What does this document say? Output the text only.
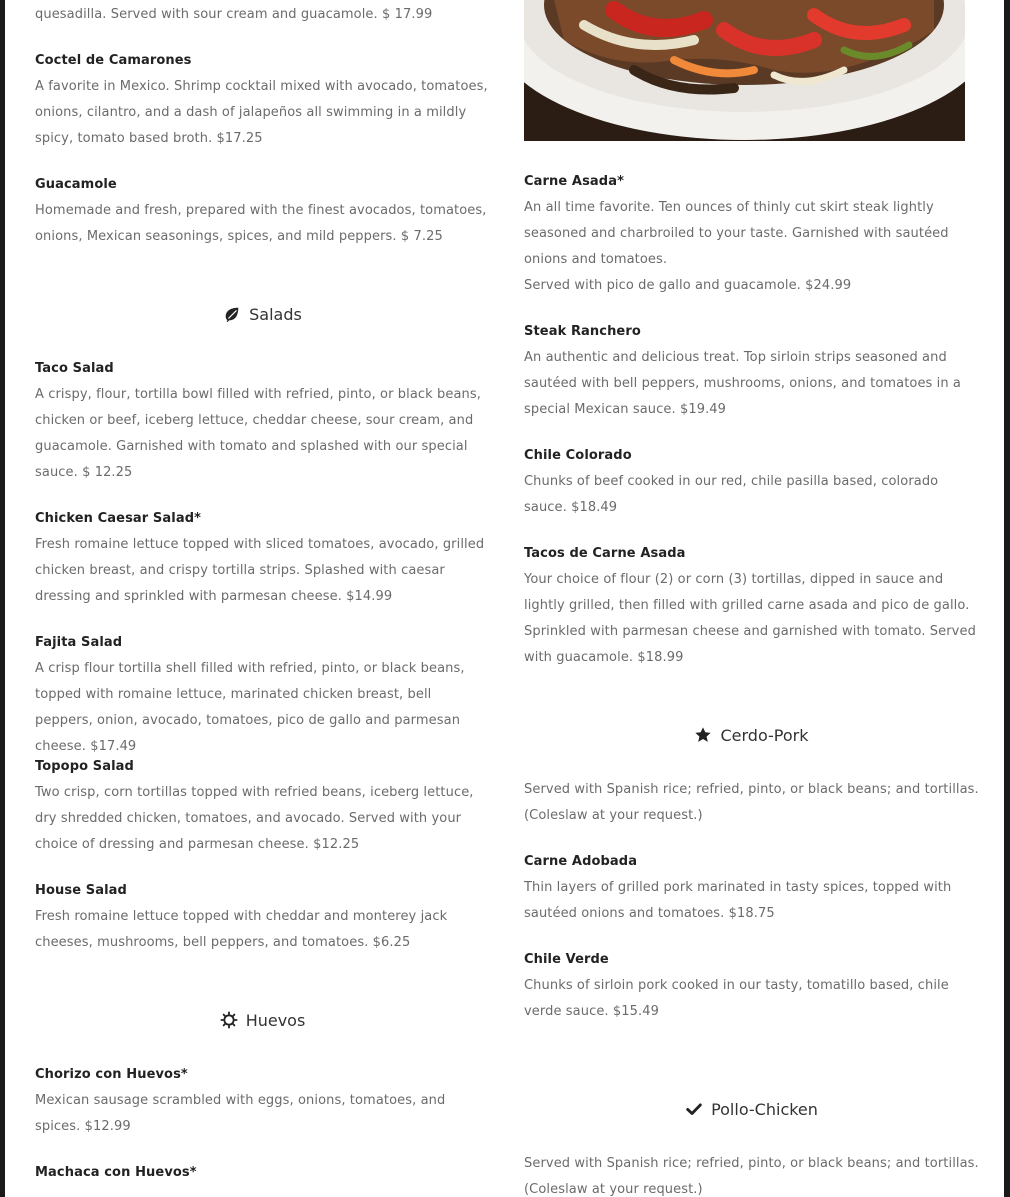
quesadilla. Served with sour cream and guacamole. $ 17.99
Coctel de Camarones
A favorite in Mexico. Shrimp cocktail mixed with avocado, tomatoes, onions, cilantro, and a dash of jalapeños all swimming in a mildly spicy, tomato based broth. $17.25
Guacamole
Homemade and fresh, prepared with the finest avocados, tomatoes, onions, Mexican seasonings, spices, and mild peppers. $ 7.25
Salads
Taco Salad
A crispy, flour, tortilla bowl filled with refried, pinto, or black beans, chicken or beef, iceberg lettuce, cheddar cheese, sour cream, and guacamole. Garnished with tomato and splashed with our special sauce. $ 12.25
Chicken Caesar Salad*
Fresh romaine lettuce topped with sliced tomatoes, avocado, grilled chicken breast, and crispy tortilla strips. Splashed with caesar dressing and sprinkled with parmesan cheese. $14.99
Fajita Salad
A crisp flour tortilla shell filled with refried, pinto, or black beans, topped with romaine lettuce, marinated chicken breast, bell peppers, onion, avocado, tomatoes, pico de gallo and parmesan cheese. $17.49
Topopo Salad
Two crisp, corn tortillas topped with refried beans, iceberg lettuce, dry shredded chicken, tomatoes, and avocado. Served with your choice of dressing and parmesan cheese. $12.25
House Salad
Fresh romaine lettuce topped with cheddar and monterey jack cheeses, mushrooms, bell peppers, and tomatoes. $6.25
Huevos
Chorizo con Huevos*
Mexican sausage scrambled with eggs, onions, tomatoes, and spices. $12.99
Machaca con Huevos*
Carne Asada*
An all time favorite. Ten ounces of thinly cut skirt steak lightly seasoned and charbroiled to your taste. Garnished with sautéed onions and tomatoes.
Served with pico de gallo and guacamole. $24.99
Steak Ranchero
An authentic and delicious treat. Top sirloin strips seasoned and sautéed with bell peppers, mushrooms, onions, and tomatoes in a special Mexican sauce. $19.49
Chile Colorado
Chunks of beef cooked in our red, chile pasilla based, colorado sauce. $18.49
Tacos de Carne Asada
Your choice of flour (2) or corn (3) tortillas, dipped in sauce and lightly grilled, then filled with grilled carne asada and pico de gallo. Sprinkled with parmesan cheese and garnished with tomato. Served with guacamole. $18.99
Cerdo-Pork
Served with Spanish rice; refried, pinto, or black beans; and tortillas. (Coleslaw at your request.)
Carne Adobada
Thin layers of grilled pork marinated in tasty spices, topped with sautéed onions and tomatoes. $18.75
Chile Verde
Chunks of sirloin pork cooked in our tasty, tomatillo based, chile verde sauce. $15.49
Pollo-Chicken
Served with Spanish rice; refried, pinto, or black beans; and tortillas. (Coleslaw at your request.)
